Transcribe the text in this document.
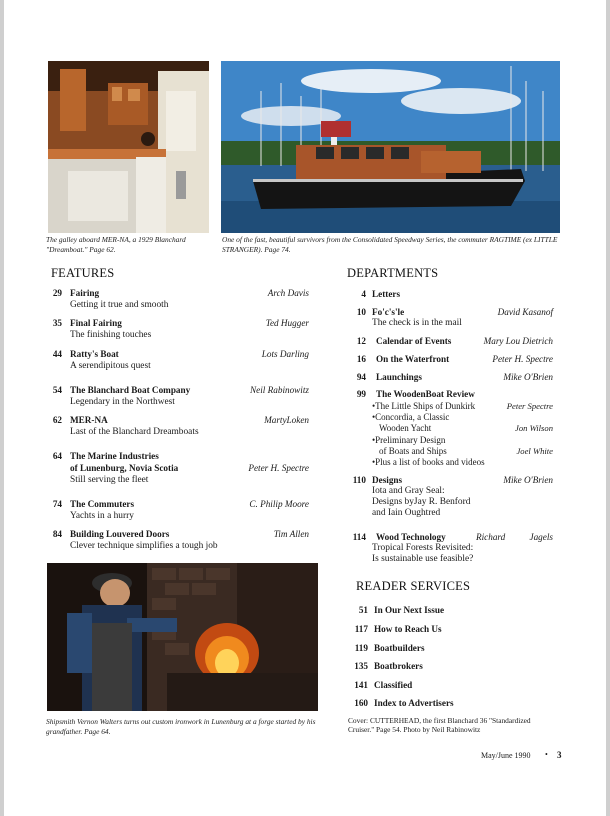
The galley aboard MER-NA, a 1929 Blanchard "Dreamboat." Page 62.
One of the fast, beautiful survivors from the Consolidated Speedway Series, the commuter RAGTIME (ex LITTLE STRANGER). Page 74.
FEATURES
29 Fairing	Arch Davis
Getting it true and smooth
35 Final Fairing	Ted Hugger
The finishing touches
44 Ratty's Boat	Lots Darling
A serendipitous quest
54 The Blanchard Boat Company	Neil Rabinowitz
Legendary in the Northwest
62 MER-NA	MartyLoken
Last of the Blanchard Dreamboats
64 The Marine Industries
of Lunenburg, Novia Scotia	Peter H. Spectre
Still serving the fleet
74 The Commuters	C. Philip Moore
Yachts in a hurry
84 Building Louvered Doors	Tim Allen
Clever technique simplifies a tough job
Shipsmith Vernon Walters turns out custom ironwork in Lunenburg at a forge started by his grandfather. Page 64.
DEPARTMENTS
4 Letters
10 Fo'c's'le	David Kasanof
The check is in the mail
12 Calendar of Events	Mary Lou Dietrich
16 On the Waterfront	Peter H. Spectre
94 Launchings	Mike O'Brien
99 The WoodenBoat Review
•The Little Ships of Dunkirk	Peter Spectre
•Concordia, a Classic
Wooden Yacht	Jon Wilson
•Preliminary Design
of Boats and Ships	Joel White
•Plus a list of books and videos
110 Designs	Mike O'Brien
Iota and Gray Seal:
Designs byJay R. Benford
and Iain Oughtred
114 Wood Technology	Richard	Jagels
Tropical Forests Revisited:
Is sustainable use feasible?
READER SERVICES
51 In Our Next Issue
117 How to Reach Us
119 Boatbuilders
135 Boatbrokers
141 Classified
160 Index to Advertisers
Cover: CUTTERHEAD, the first Blanchard 36 "Standardized Cruiser." Page 54. Photo by Neil Rabinowitz
May/June 1990 • 3
